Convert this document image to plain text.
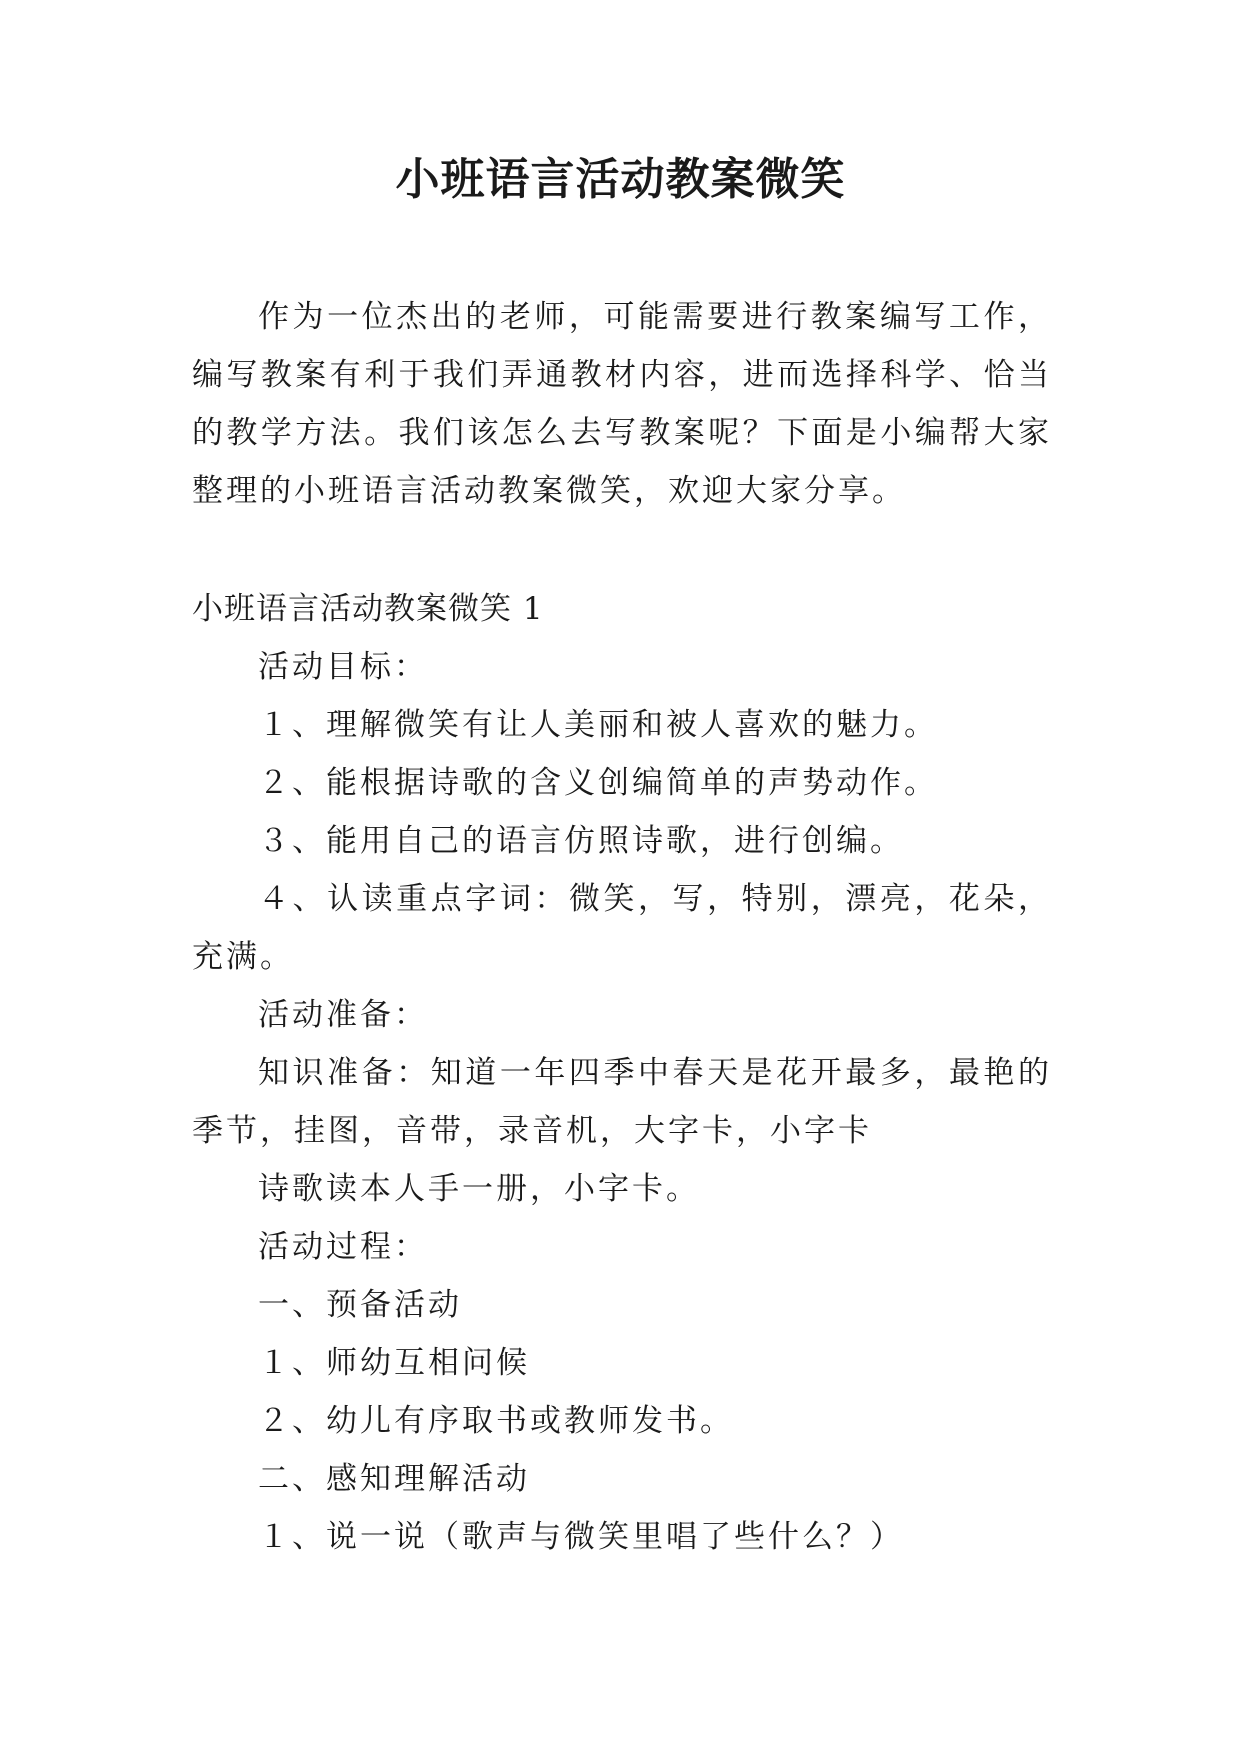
小班语言活动教案微笑

作为一位杰出的老师，可能需要进行教案编写工作，编写教案有利于我们弄通教材内容，进而选择科学、恰当的教学方法。我们该怎么去写教案呢？下面是小编帮大家整理的小班语言活动教案微笑，欢迎大家分享。

小班语言活动教案微笑 1

活动目标：

１、理解微笑有让人美丽和被人喜欢的魅力。

２、能根据诗歌的含义创编简单的声势动作。

３、能用自己的语言仿照诗歌，进行创编。

４、认读重点字词：微笑，写，特别，漂亮，花朵，充满。

活动准备：

知识准备：知道一年四季中春天是花开最多，最艳的季节，挂图，音带，录音机，大字卡，小字卡

诗歌读本人手一册，小字卡。

活动过程：

一、预备活动

１、师幼互相问候

２、幼儿有序取书或教师发书。

二、感知理解活动

１、说一说（歌声与微笑里唱了些什么？）
